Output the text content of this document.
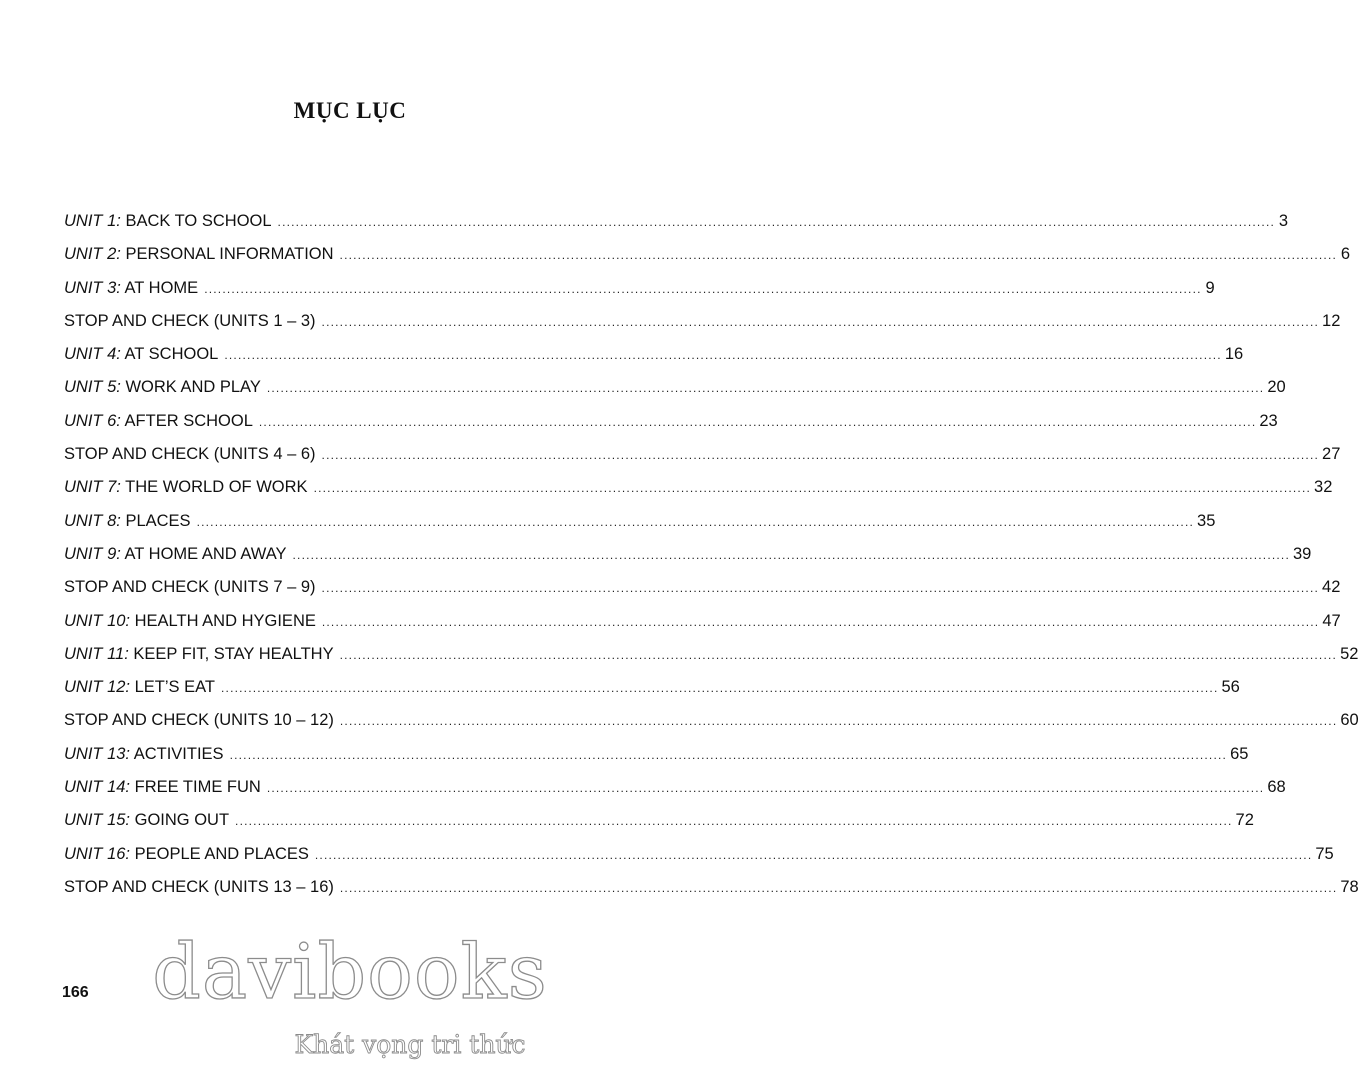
MỤC LỤC
UNIT 1: BACK TO SCHOOL ............................................................................................................................................................................................................................ 3
UNIT 2: PERSONAL INFORMATION ............................................................................................................................................................................................................................ 6
UNIT 3: AT HOME ............................................................................................................................................................................................................................ 9
STOP AND CHECK (UNITS 1 – 3) ............................................................................................................................................................................................................................ 12
UNIT 4: AT SCHOOL ............................................................................................................................................................................................................................ 16
UNIT 5: WORK AND PLAY ............................................................................................................................................................................................................................ 20
UNIT 6: AFTER SCHOOL ............................................................................................................................................................................................................................ 23
STOP AND CHECK (UNITS 4 – 6) ............................................................................................................................................................................................................................ 27
UNIT 7: THE WORLD OF WORK ............................................................................................................................................................................................................................ 32
UNIT 8: PLACES ............................................................................................................................................................................................................................ 35
UNIT 9: AT HOME AND AWAY ............................................................................................................................................................................................................................ 39
STOP AND CHECK (UNITS 7 – 9) ............................................................................................................................................................................................................................ 42
UNIT 10: HEALTH AND HYGIENE ............................................................................................................................................................................................................................ 47
UNIT 11: KEEP FIT, STAY HEALTHY ............................................................................................................................................................................................................................ 52
UNIT 12: LET’S EAT ............................................................................................................................................................................................................................ 56
STOP AND CHECK (UNITS 10 – 12) ............................................................................................................................................................................................................................ 60
UNIT 13: ACTIVITIES ............................................................................................................................................................................................................................ 65
UNIT 14: FREE TIME FUN ............................................................................................................................................................................................................................ 68
UNIT 15: GOING OUT ............................................................................................................................................................................................................................ 72
UNIT 16: PEOPLE AND PLACES ............................................................................................................................................................................................................................ 75
STOP AND CHECK (UNITS 13 – 16) ............................................................................................................................................................................................................................ 78
166 davibooks
Khát vọng tri thức
